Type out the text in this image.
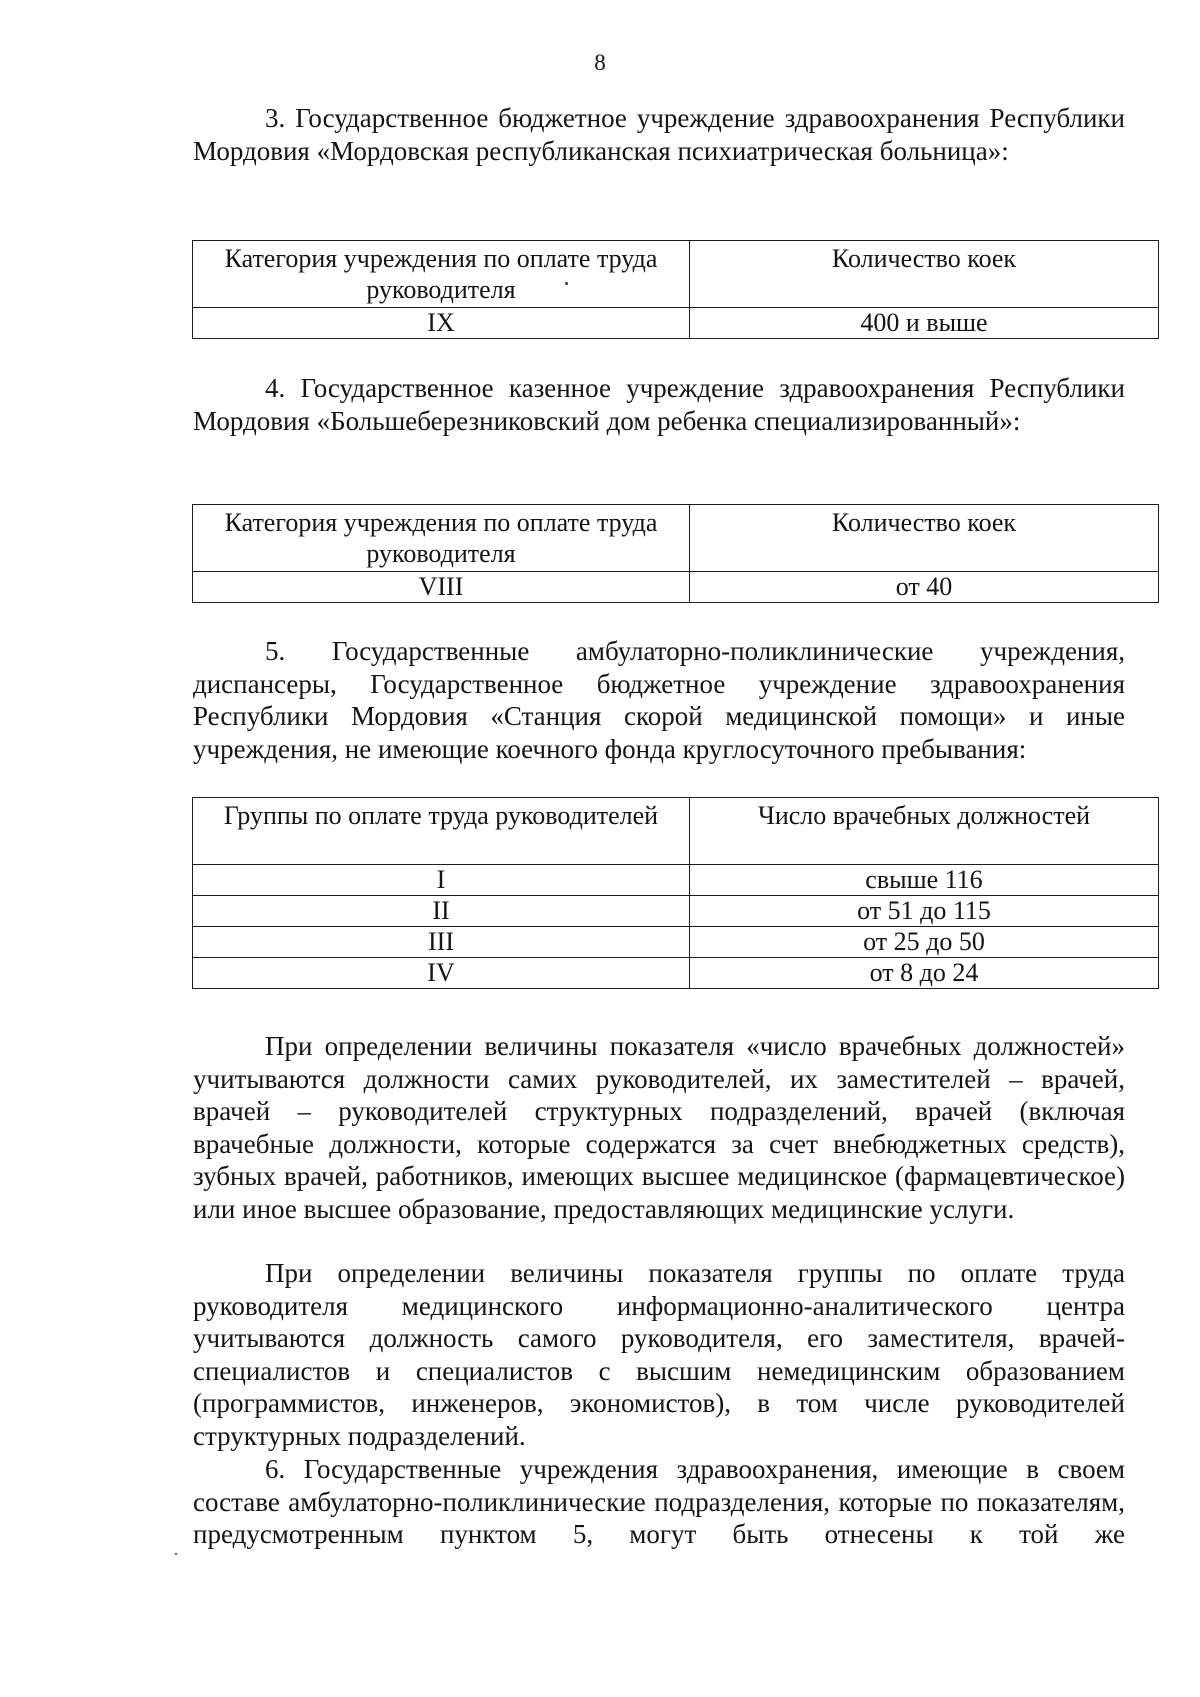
8

3. Государственное бюджетное учреждение здравоохранения Республики Мордовия «Мордовская республиканская психиатрическая больница»:

Категория учреждения по оплате труда руководителя	Количество коек
IX	400 и выше

4. Государственное казенное учреждение здравоохранения Республики Мордовия «Большеберезниковский дом ребенка специализированный»:

Категория учреждения по оплате труда руководителя	Количество коек
VIII	от 40

5. Государственные амбулаторно-поликлинические учреждения, диспансеры, Государственное бюджетное учреждение здравоохранения Республики Мордовия «Станция скорой медицинской помощи» и иные учреждения, не имеющие коечного фонда круглосуточного пребывания:

Группы по оплате труда руководителей	Число врачебных должностей
I	свыше 116
II	от 51 до 115
III	от 25 до 50
IV	от 8 до 24

При определении величины показателя «число врачебных должностей» учитываются должности самих руководителей, их заместителей – врачей, врачей – руководителей структурных подразделений, врачей (включая врачебные должности, которые содержатся за счет внебюджетных средств), зубных врачей, работников, имеющих высшее медицинское (фармацевтическое) или иное высшее образование, предоставляющих медицинские услуги.

При определении величины показателя группы по оплате труда руководителя медицинского информационно-аналитического центра учитываются должность самого руководителя, его заместителя, врачей-специалистов и специалистов с высшим немедицинским образованием (программистов, инженеров, экономистов), в том числе руководителей структурных подразделений.

6. Государственные учреждения здравоохранения, имеющие в своем составе амбулаторно-поликлинические подразделения, которые по показателям, предусмотренным пунктом 5, могут быть отнесены к той же
